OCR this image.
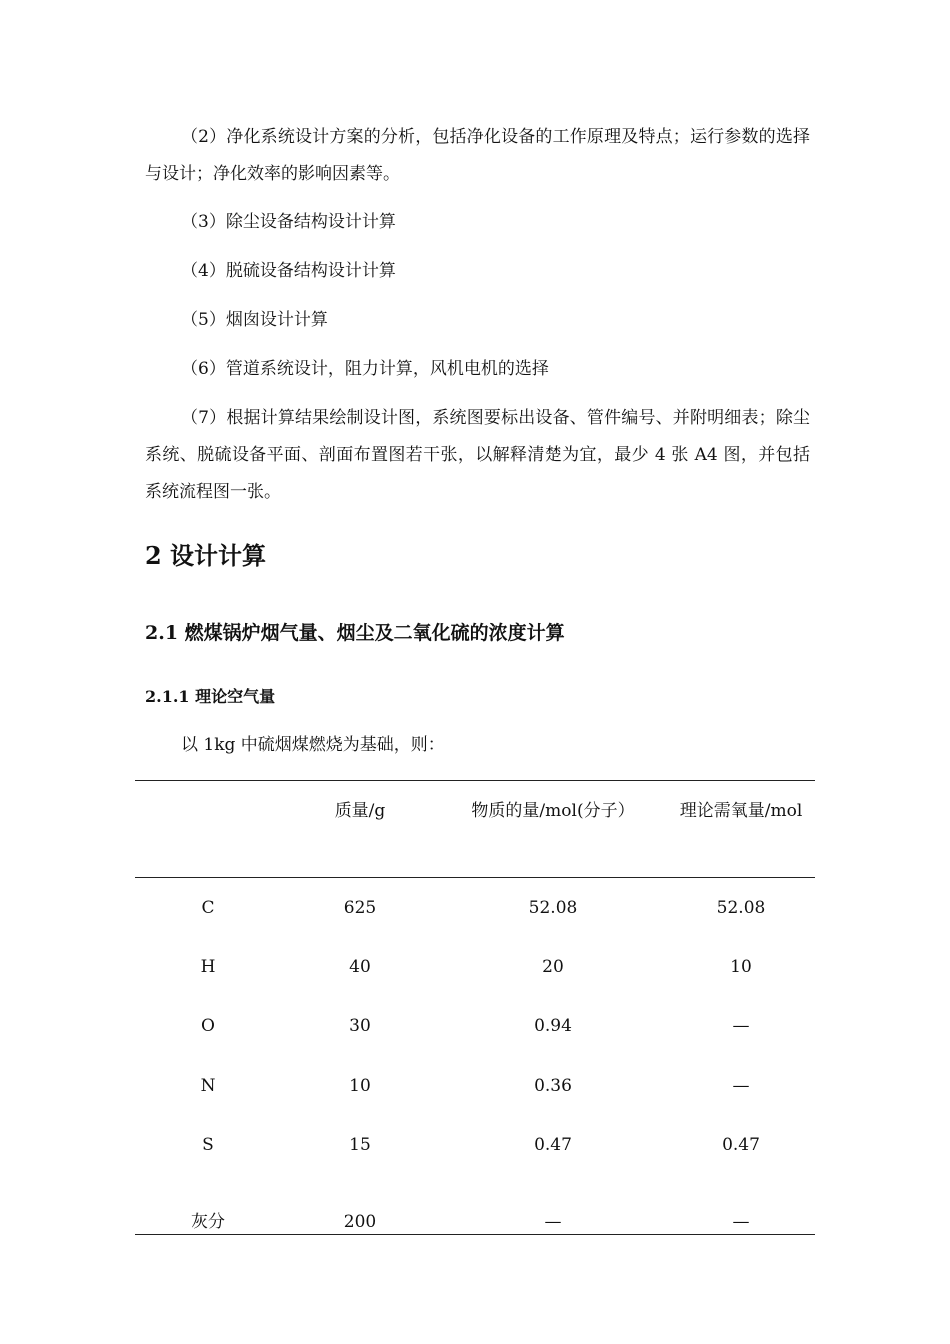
（2）净化系统设计方案的分析，包括净化设备的工作原理及特点；运行参数的选择与设计；净化效率的影响因素等。

（3）除尘设备结构设计计算

（4）脱硫设备结构设计计算

（5）烟囱设计计算

（6）管道系统设计，阻力计算，风机电机的选择

（7）根据计算结果绘制设计图，系统图要标出设备、管件编号、并附明细表；除尘系统、脱硫设备平面、剖面布置图若干张，以解释清楚为宜，最少 4 张 A4 图，并包括系统流程图一张。

2 设计计算
2.1 燃煤锅炉烟气量、烟尘及二氧化硫的浓度计算
2.1.1 理论空气量

以 1kg 中硫烟煤燃烧为基础，则：

	质量/g	物质的量/mol(分子）	理论需氧量/mol
C	625	52.08	52.08
H	40	20	10
O	30	0.94	—
N	10	0.36	—
S	15	0.47	0.47
灰分	200	—	—
